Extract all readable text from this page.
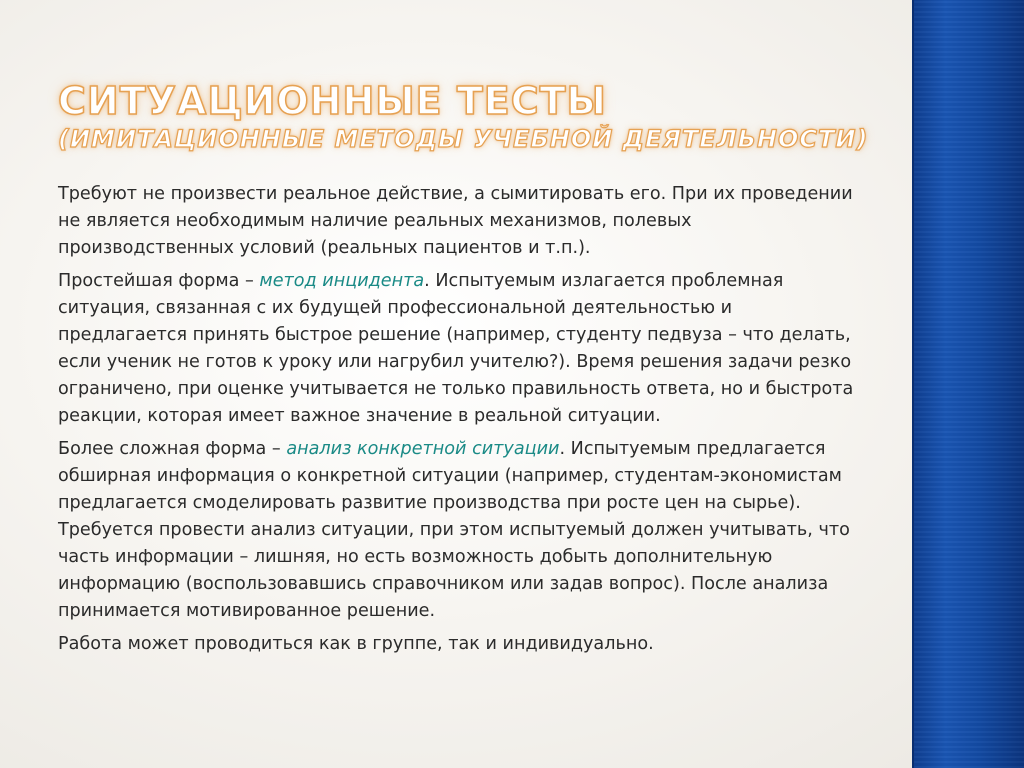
СИТУАЦИОННЫЕ ТЕСТЫ
(ИМИТАЦИОННЫЕ МЕТОДЫ УЧЕБНОЙ ДЕЯТЕЛЬНОСТИ)

Требуют не произвести реальное действие, а сымитировать его. При их проведении не является необходимым наличие реальных механизмов, полевых производственных условий (реальных пациентов и т.п.).

Простейшая форма – метод инцидента. Испытуемым излагается проблемная ситуация, связанная с их будущей профессиональной деятельностью и предлагается принять быстрое решение (например, студенту педвуза – что делать, если ученик не готов к уроку или нагрубил учителю?). Время решения задачи резко ограничено, при оценке учитывается не только правильность ответа, но и быстрота реакции, которая имеет важное значение в реальной ситуации.

Более сложная форма – анализ конкретной ситуации. Испытуемым предлагается обширная информация о конкретной ситуации (например, студентам-экономистам предлагается смоделировать развитие производства при росте цен на сырье). Требуется провести анализ ситуации, при этом испытуемый должен учитывать, что часть информации – лишняя, но есть возможность добыть дополнительную информацию (воспользовавшись справочником или задав вопрос). После анализа принимается мотивированное решение.

Работа может проводиться как в группе, так и индивидуально.
